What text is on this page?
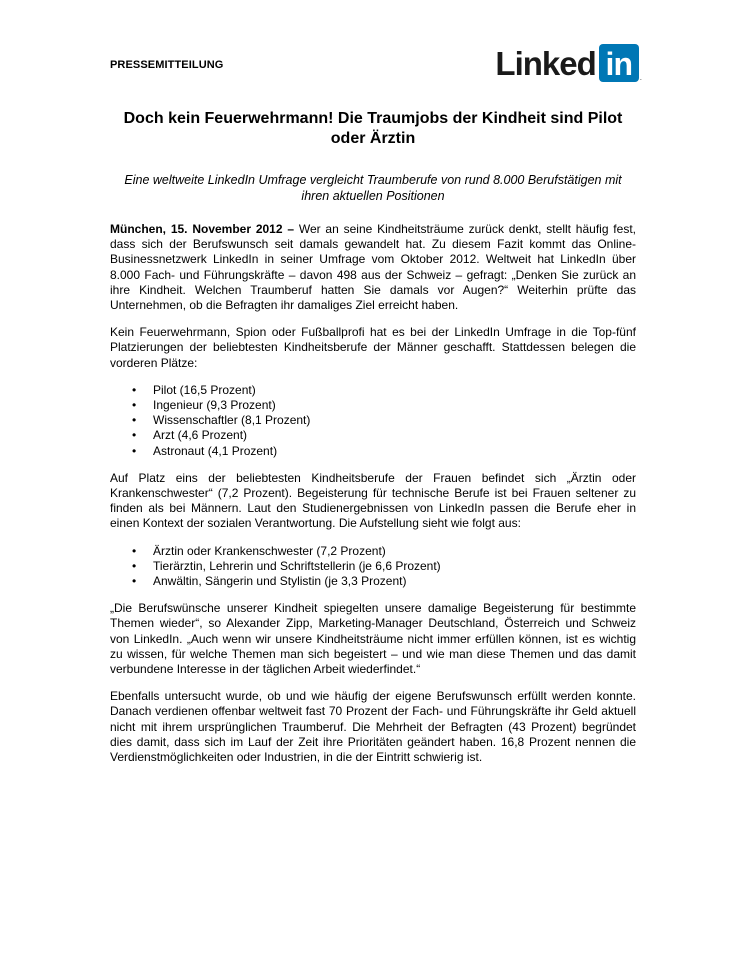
PRESSEMITTEILUNG	Linked in .
Doch kein Feuerwehrmann! Die Traumjobs der Kindheit sind Pilot oder Ärztin
Eine weltweite LinkedIn Umfrage vergleicht Traumberufe von rund 8.000 Berufstätigen mit ihren aktuellen Positionen

München, 15. November 2012 – Wer an seine Kindheitsträume zurück denkt, stellt häufig fest, dass sich der Berufswunsch seit damals gewandelt hat. Zu diesem Fazit kommt das Online-Businessnetzwerk LinkedIn in seiner Umfrage vom Oktober 2012. Weltweit hat LinkedIn über 8.000 Fach- und Führungskräfte – davon 498 aus der Schweiz – gefragt: „Denken Sie zurück an ihre Kindheit. Welchen Traumberuf hatten Sie damals vor Augen?“ Weiterhin prüfte das Unternehmen, ob die Befragten ihr damaliges Ziel erreicht haben.

Kein Feuerwehrmann, Spion oder Fußballprofi hat es bei der LinkedIn Umfrage in die Top-fünf Platzierungen der beliebtesten Kindheitsberufe der Männer geschafft. Stattdessen belegen die vorderen Plätze:

• Pilot (16,5 Prozent)
• Ingenieur (9,3 Prozent)
• Wissenschaftler (8,1 Prozent)
• Arzt (4,6 Prozent)
• Astronaut (4,1 Prozent)

Auf Platz eins der beliebtesten Kindheitsberufe der Frauen befindet sich „Ärztin oder Krankenschwester“ (7,2 Prozent). Begeisterung für technische Berufe ist bei Frauen seltener zu finden als bei Männern. Laut den Studienergebnissen von LinkedIn passen die Berufe eher in einen Kontext der sozialen Verantwortung. Die Aufstellung sieht wie folgt aus:

• Ärztin oder Krankenschwester (7,2 Prozent)
• Tierärztin, Lehrerin und Schriftstellerin (je 6,6 Prozent)
• Anwältin, Sängerin und Stylistin (je 3,3 Prozent)

„Die Berufswünsche unserer Kindheit spiegelten unsere damalige Begeisterung für bestimmte Themen wieder“, so Alexander Zipp, Marketing-Manager Deutschland, Österreich und Schweiz von LinkedIn. „Auch wenn wir unsere Kindheitsträume nicht immer erfüllen können, ist es wichtig zu wissen, für welche Themen man sich begeistert – und wie man diese Themen und das damit verbundene Interesse in der täglichen Arbeit wiederfindet.“

Ebenfalls untersucht wurde, ob und wie häufig der eigene Berufswunsch erfüllt werden konnte. Danach verdienen offenbar weltweit fast 70 Prozent der Fach- und Führungskräfte ihr Geld aktuell nicht mit ihrem ursprünglichen Traumberuf. Die Mehrheit der Befragten (43 Prozent) begründet dies damit, dass sich im Lauf der Zeit ihre Prioritäten geändert haben. 16,8 Prozent nennen die Verdienstmöglichkeiten oder Industrien, in die der Eintritt schwierig ist.
